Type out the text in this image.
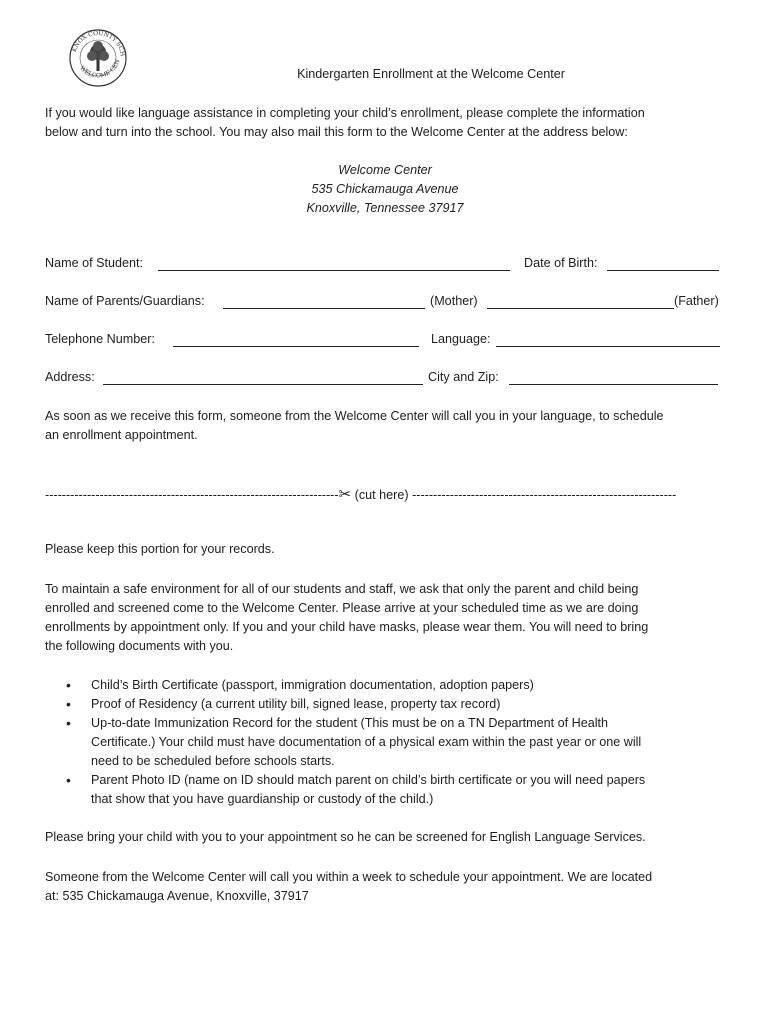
KNOX COUNTY SCH
WELCOME CEN
Kindergarten Enrollment at the Welcome Center
If you would like language assistance in completing your child’s enrollment, please complete the information
below and turn into the school. You may also mail this form to the Welcome Center at the address below:
Welcome Center
535 Chickamauga Avenue
Knoxville, Tennessee 37917
Name of Student:	Date of Birth:
Name of Parents/Guardians:	(Mother)	(Father)
Telephone Number:	Language:
Address:	City and Zip:
As soon as we receive this form, someone from the Welcome Center will call you in your language, to schedule
an enrollment appointment.
----------------------------------------------------------------------✂ (cut here) ---------------------------------------------------------------
Please keep this portion for your records.
To maintain a safe environment for all of our students and staff, we ask that only the parent and child being
enrolled and screened come to the Welcome Center. Please arrive at your scheduled time as we are doing
enrollments by appointment only. If you and your child have masks, please wear them. You will need to bring
the following documents with you.
• Child’s Birth Certificate (passport, immigration documentation, adoption papers)
• Proof of Residency (a current utility bill, signed lease, property tax record)
• Up-to-date Immunization Record for the student (This must be on a TN Department of Health
Certificate.) Your child must have documentation of a physical exam within the past year or one will
need to be scheduled before schools starts.
• Parent Photo ID (name on ID should match parent on child’s birth certificate or you will need papers
that show that you have guardianship or custody of the child.)
Please bring your child with you to your appointment so he can be screened for English Language Services.
Someone from the Welcome Center will call you within a week to schedule your appointment. We are located
at: 535 Chickamauga Avenue, Knoxville, 37917
